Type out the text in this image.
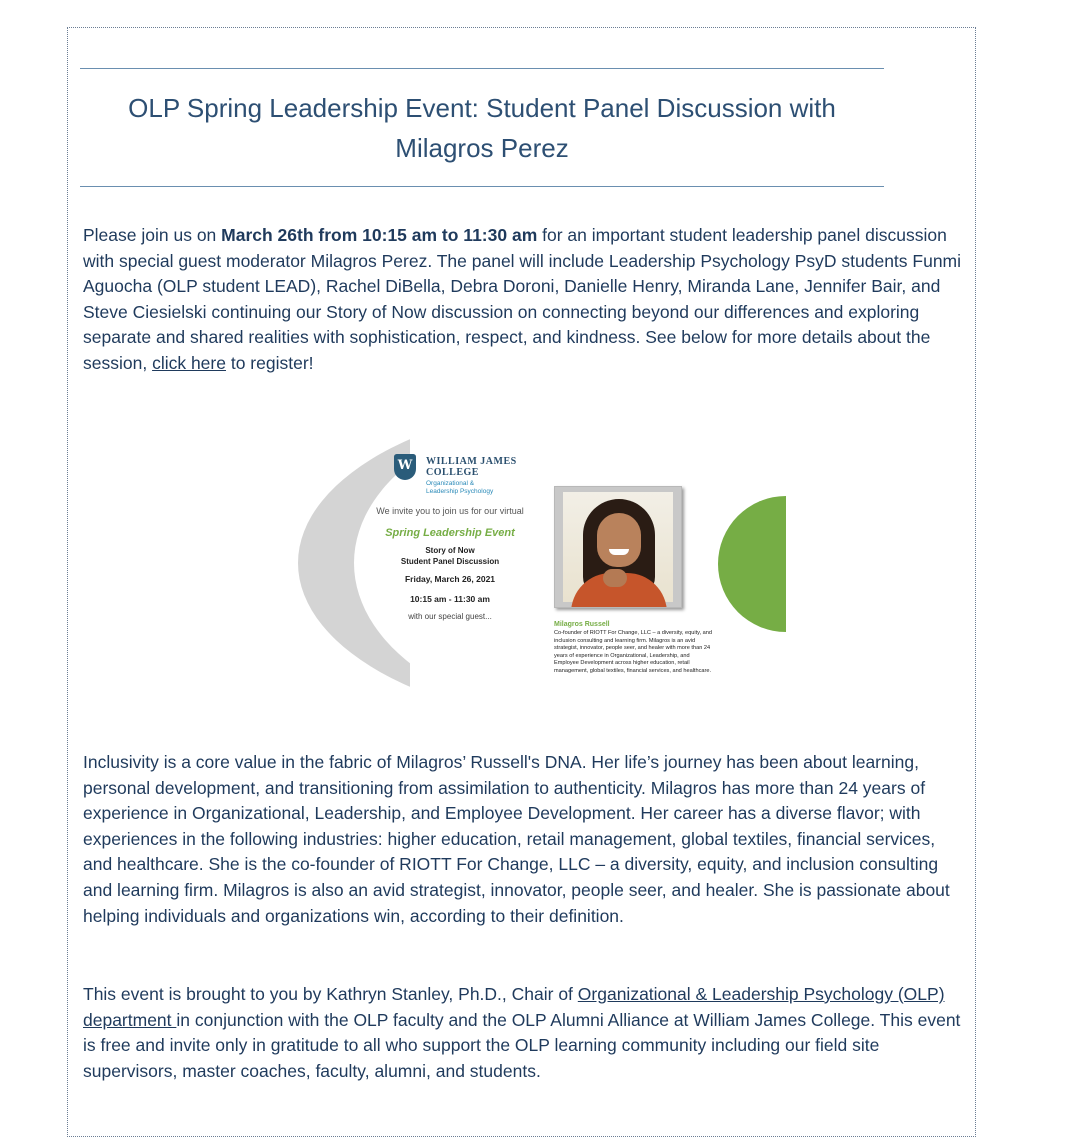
OLP Spring Leadership Event: Student Panel Discussion with Milagros Perez
Please join us on March 26th from 10:15 am to 11:30 am for an important student leadership panel discussion with special guest moderator Milagros Perez. The panel will include Leadership Psychology PsyD students Funmi Aguocha (OLP student LEAD), Rachel DiBella, Debra Doroni, Danielle Henry, Miranda Lane, Jennifer Bair, and Steve Ciesielski continuing our Story of Now discussion on connecting beyond our differences and exploring separate and shared realities with sophistication, respect, and kindness. See below for more details about the session, click here to register!
W	WILLIAM JAMES
COLLEGE
Organizational &
Leadership Psychology
We invite you to join us for our virtual
Spring Leadership Event
Story of Now
Student Panel Discussion
Friday, March 26, 2021
10:15 am - 11:30 am
with our special guest...
Milagros Russell
Co-founder of RIOTT For Change, LLC – a diversity, equity, and inclusion consulting and learning firm. Milagros is an avid strategist, innovator, people seer, and healer with more than 24 years of experience in Organizational, Leadership, and Employee Development across higher education, retail management, global textiles, financial services, and healthcare.
Inclusivity is a core value in the fabric of Milagros’ Russell's DNA. Her life’s journey has been about learning, personal development, and transitioning from assimilation to authenticity. Milagros has more than 24 years of experience in Organizational, Leadership, and Employee Development. Her career has a diverse flavor; with experiences in the following industries: higher education, retail management, global textiles, financial services, and healthcare. She is the co-founder of RIOTT For Change, LLC – a diversity, equity, and inclusion consulting and learning firm. Milagros is also an avid strategist, innovator, people seer, and healer. She is passionate about helping individuals and organizations win, according to their definition.
This event is brought to you by Kathryn Stanley, Ph.D., Chair of Organizational & Leadership Psychology (OLP) department in conjunction with the OLP faculty and the OLP Alumni Alliance at William James College. This event is free and invite only in gratitude to all who support the OLP learning community including our field site supervisors, master coaches, faculty, alumni, and students.
